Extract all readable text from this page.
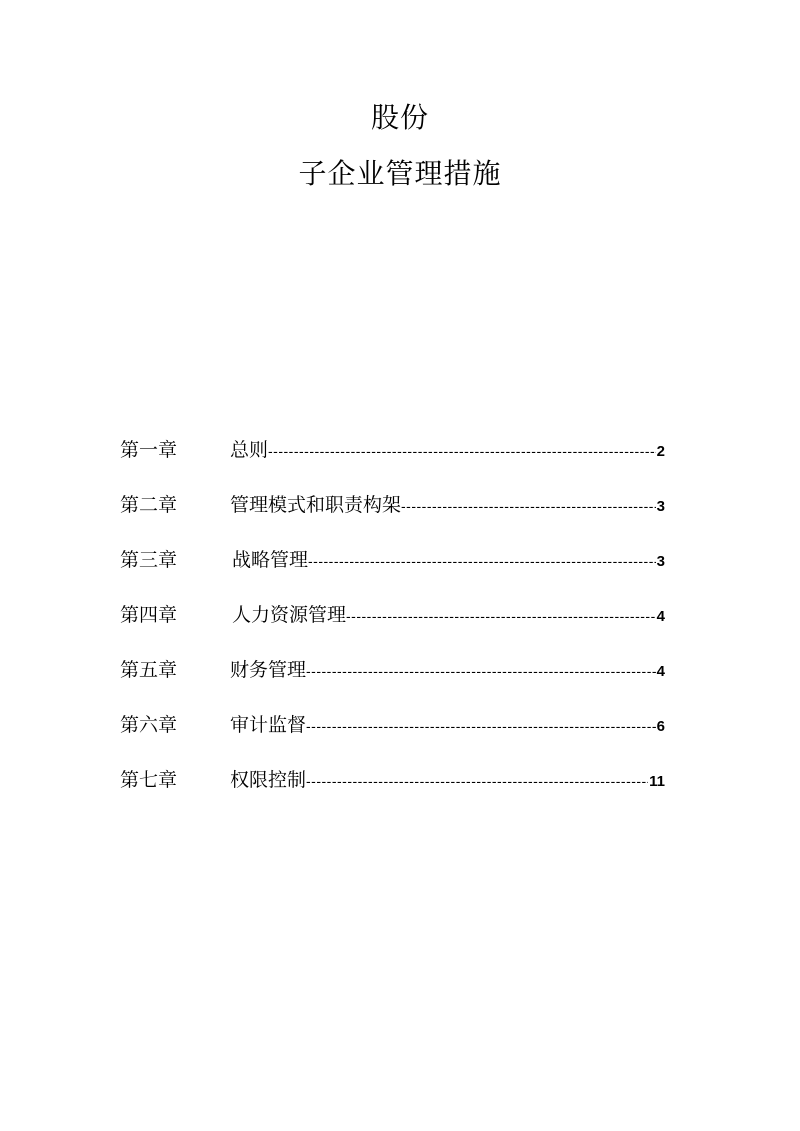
股份
子企业管理措施
第一章	总则 -----	2
第二章	管理模式和职责构架 -----	3
第三章	战略管理 -----	3
第四章	人力资源管理 -----	4
第五章	财务管理 -----	4
第六章	审计监督 -----	6
第七章	权限控制 -----	11
